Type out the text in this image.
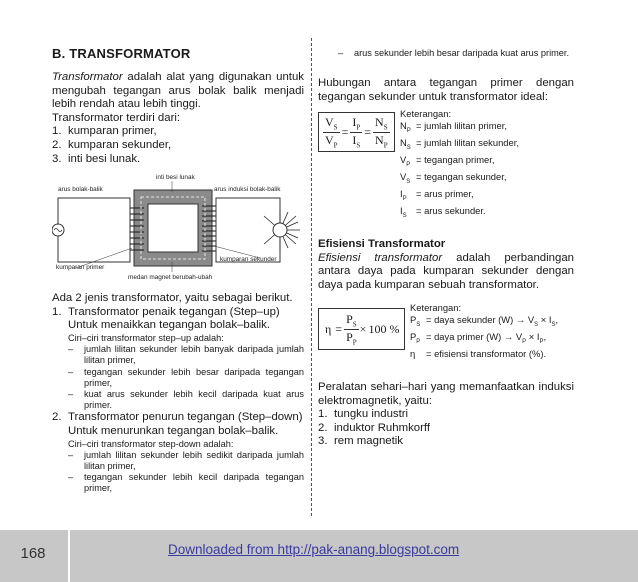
B. TRANSFORMATOR

Transformator adalah alat yang digunakan untuk mengubah tegangan arus bolak balik menjadi lebih rendah atau lebih tinggi.

Transformator terdiri dari:
1. kumparan primer,
2. kumparan sekunder,
3. inti besi lunak.
inti besi lunak
arus bolak-balik	arus induksi bolak-balik
kumparan primer
kumparan sekunder
medan magnet berubah-ubah
Ada 2 jenis transformator, yaitu sebagai berikut.
1. Transformator penaik tegangan (Step–up)
Untuk menaikkan tegangan bolak–balik.
Ciri–ciri transformator step–up adalah:
–	jumlah lilitan sekunder lebih banyak daripada jumlah lilitan primer,
–	tegangan sekunder lebih besar daripada tegangan primer,
–	kuat arus sekunder lebih kecil daripada kuat arus primer.
2. Transformator penurun tegangan (Step–down)
Untuk menurunkan tegangan bolak–balik.
Ciri–ciri transformator step-down adalah:
–	jumlah lilitan sekunder lebih sedikit daripada jumlah lilitan primer,
–	tegangan sekunder lebih kecil daripada tegangan primer,
–	arus sekunder lebih besar daripada kuat arus primer.

Hubungan antara tegangan primer dengan tegangan sekunder untuk transformator ideal:

$V_S$	=	$I_P$	=	$N_S$
$V_P$		$I_S$		$N_P$
Keterangan:
$N_P$ = jumlah lilitan primer,
$N_S$ = jumlah lilitan sekunder,
$V_P$ = tegangan primer,
$V_S$ = tegangan sekunder,
$I_P$ = arus primer,
$I_S$ = arus sekunder.
Efisiensi Transformator

Efisiensi transformator adalah perbandingan antara daya pada kumparan sekunder dengan daya pada kumparan sebuah transformator.

η	=	$P_S$	×	100 %
$P_P$
Keterangan:
$P_S$ = daya sekunder $(W) \to V_S \times I_S$,
$P_P$ = daya primer $(W) \to V_P \times I_P$,
η	= efisiensi transformator (%).

Peralatan sehari–hari yang memanfaatkan induksi elektromagnetik, yaitu:

1. tungku industri
2. induktor Ruhmkorff
3. rem magnetik
168	Downloaded from http://pak-anang.blogspot.com
